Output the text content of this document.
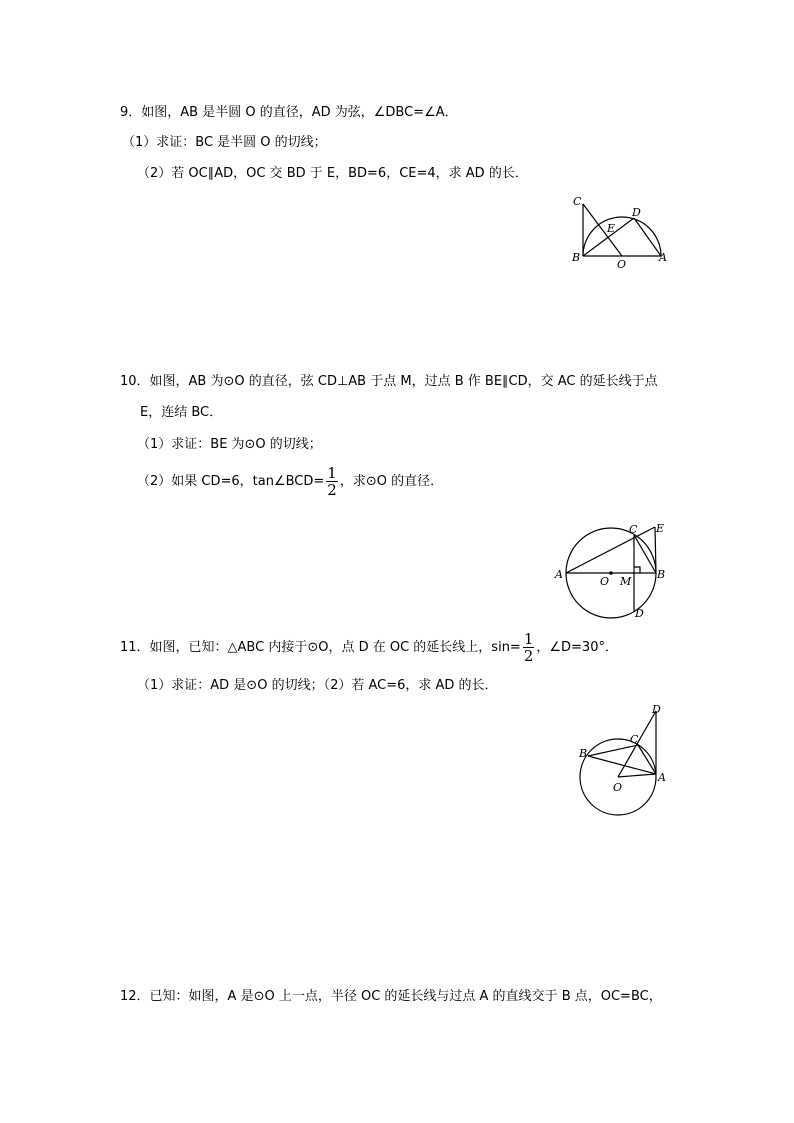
9．如图，AB 是半圆 O 的直径，AD 为弦，∠DBC=∠A．
（1）求证：BC 是半圆 O 的切线；
（2）若 OC∥AD，OC 交 BD 于 E，BD=6，CE=4，求 AD 的长．
C
D
E
B
O
A
10．如图，AB 为⊙O 的直径，弦 CD⊥AB 于点 M，过点 B 作 BE∥CD，交 AC 的延长线于点
E，连结 BC．
（1）求证：BE 为⊙O 的切线；
（2）如果 CD=6，tan∠BCD= $\frac{1}{2}$ ，求⊙O 的直径．
C E
A
O M
B
D
11．如图，已知：△ABC 内接于⊙O，点 D 在 OC 的延长线上，$\sin= \frac{1}{2}$ ，∠D=30°．
（1）求证：AD 是⊙O 的切线；（2）若 AC=6，求 AD 的长．
D
C
B
A
O
12．已知：如图，A 是⊙O 上一点，半径 OC 的延长线与过点 A 的直线交于 B 点，OC=BC，
